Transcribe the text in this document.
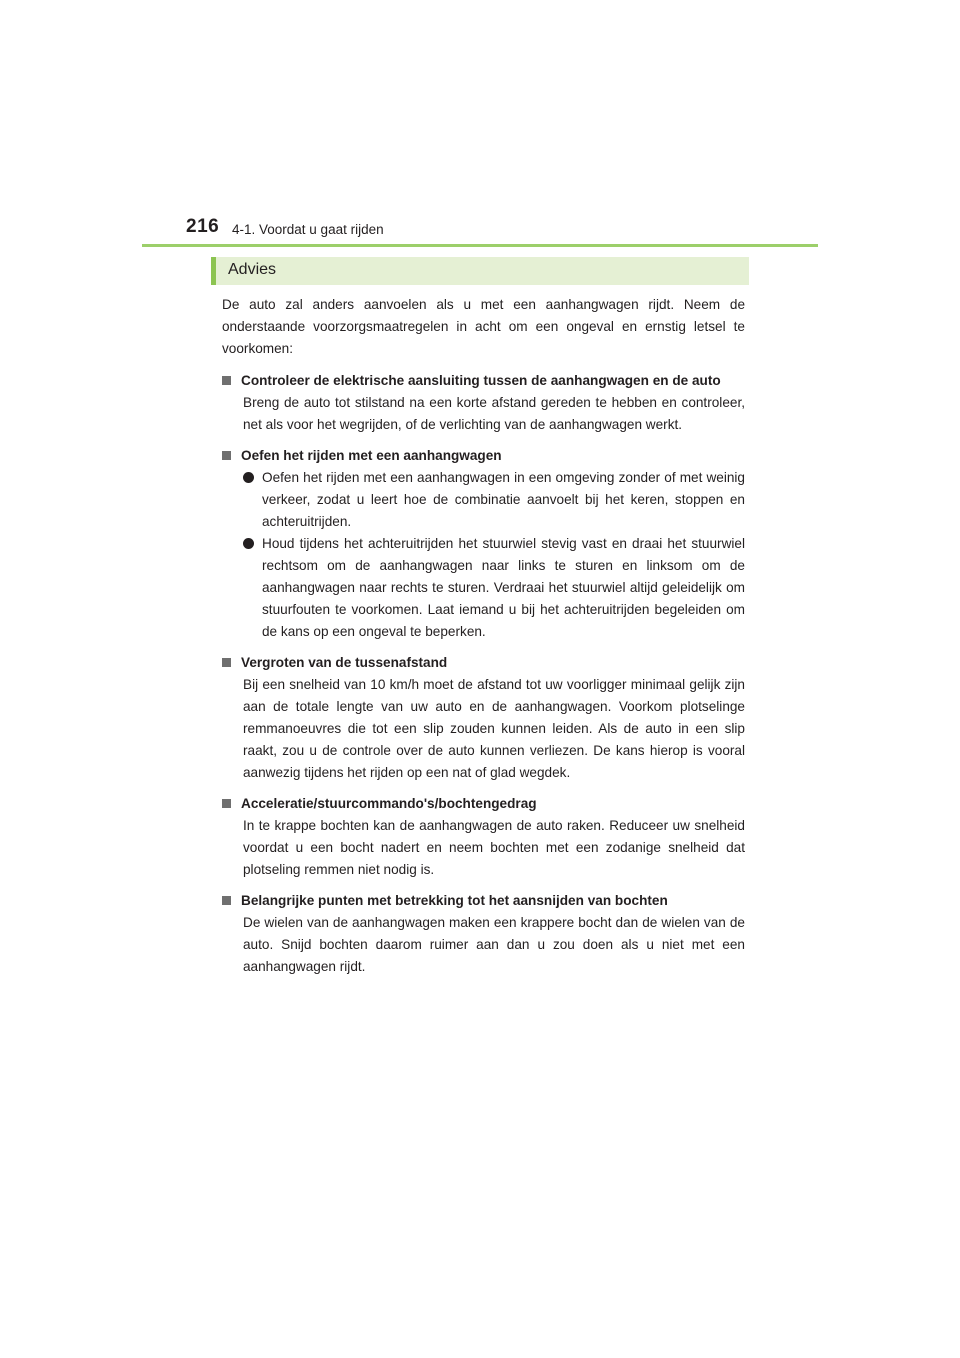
216 4-1. Voordat u gaat rijden
Advies

De auto zal anders aanvoelen als u met een aanhangwagen rijdt. Neem de onderstaande voorzorgsmaatregelen in acht om een ongeval en ernstig letsel te voorkomen:

Controleer de elektrische aansluiting tussen de aanhangwagen en de auto

Breng de auto tot stilstand na een korte afstand gereden te hebben en controleer, net als voor het wegrijden, of de verlichting van de aanhangwagen werkt.

Oefen het rijden met een aanhangwagen

Oefen het rijden met een aanhangwagen in een omgeving zonder of met weinig verkeer, zodat u leert hoe de combinatie aanvoelt bij het keren, stoppen en achteruitrijden.
Houd tijdens het achteruitrijden het stuurwiel stevig vast en draai het stuurwiel rechtsom om de aanhangwagen naar links te sturen en linksom om de aanhangwagen naar rechts te sturen. Verdraai het stuurwiel altijd geleidelijk om stuurfouten te voorkomen. Laat iemand u bij het achteruitrijden begeleiden om de kans op een ongeval te beperken.

Vergroten van de tussenafstand

Bij een snelheid van 10 km/h moet de afstand tot uw voorligger minimaal gelijk zijn aan de totale lengte van uw auto en de aanhangwagen. Voorkom plotselinge remmanoeuvres die tot een slip zouden kunnen leiden. Als de auto in een slip raakt, zou u de controle over de auto kunnen verliezen. De kans hierop is vooral aanwezig tijdens het rijden op een nat of glad wegdek.

Acceleratie/stuurcommando's/bochtengedrag

In te krappe bochten kan de aanhangwagen de auto raken. Reduceer uw snelheid voordat u een bocht nadert en neem bochten met een zodanige snelheid dat plotseling remmen niet nodig is.

Belangrijke punten met betrekking tot het aansnijden van bochten

De wielen van de aanhangwagen maken een krappere bocht dan de wielen van de auto. Snijd bochten daarom ruimer aan dan u zou doen als u niet met een aanhangwagen rijdt.
